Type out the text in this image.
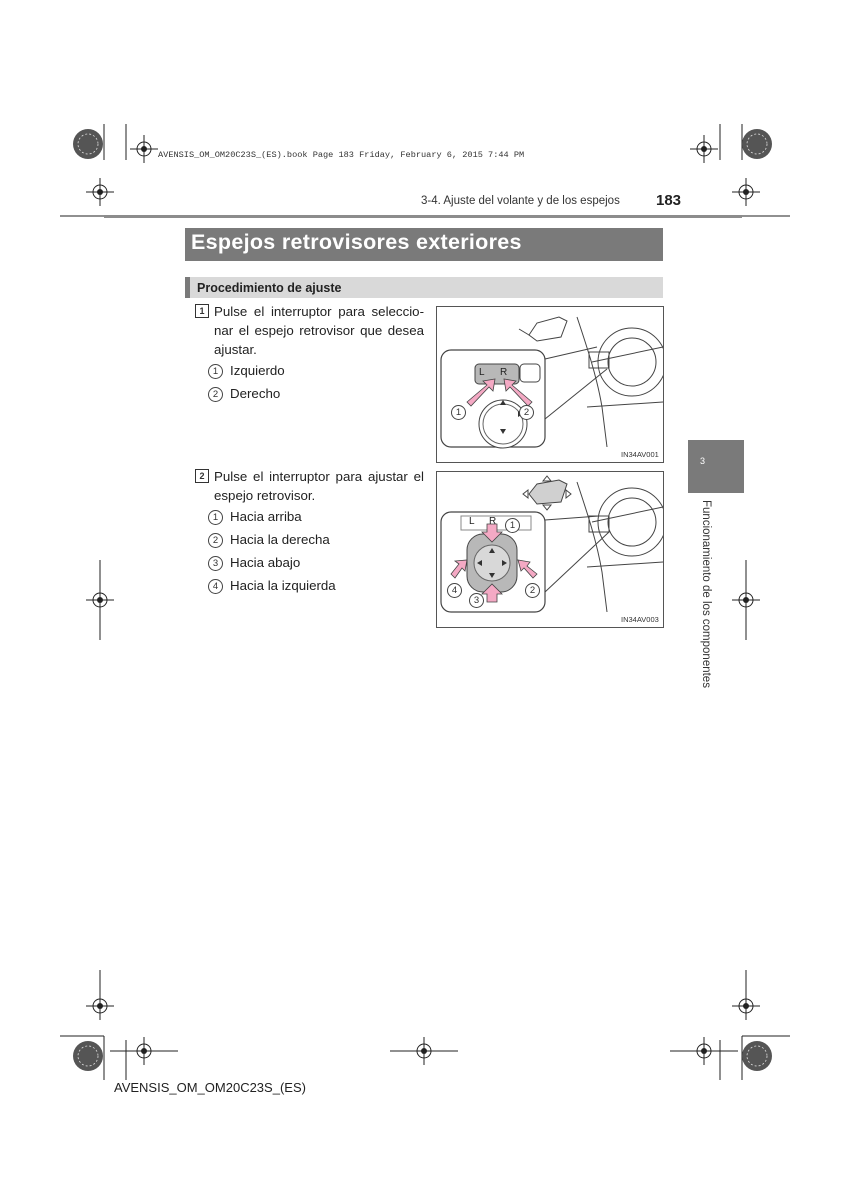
AVENSIS_OM_OM20C23S_(ES).book Page 183 Friday, February 6, 2015 7:44 PM
3-4. Ajuste del volante y de los espejos 183
Espejos retrovisores exteriores
Procedimiento de ajuste
1 Pulse el interruptor para seleccio-nar el espejo retrovisor que desea ajustar.
1 Izquierdo
2 Derecho
L R
1	2
IN34AV001
2 Pulse el interruptor para ajustar el espejo retrovisor.
1 Hacia arriba
2 Hacia la derecha
3 Hacia abajo
4 Hacia la izquierda
L R	1
2
3
4
IN34AV003
3
Funcionamiento de los componentes
AVENSIS_OM_OM20C23S_(ES)
